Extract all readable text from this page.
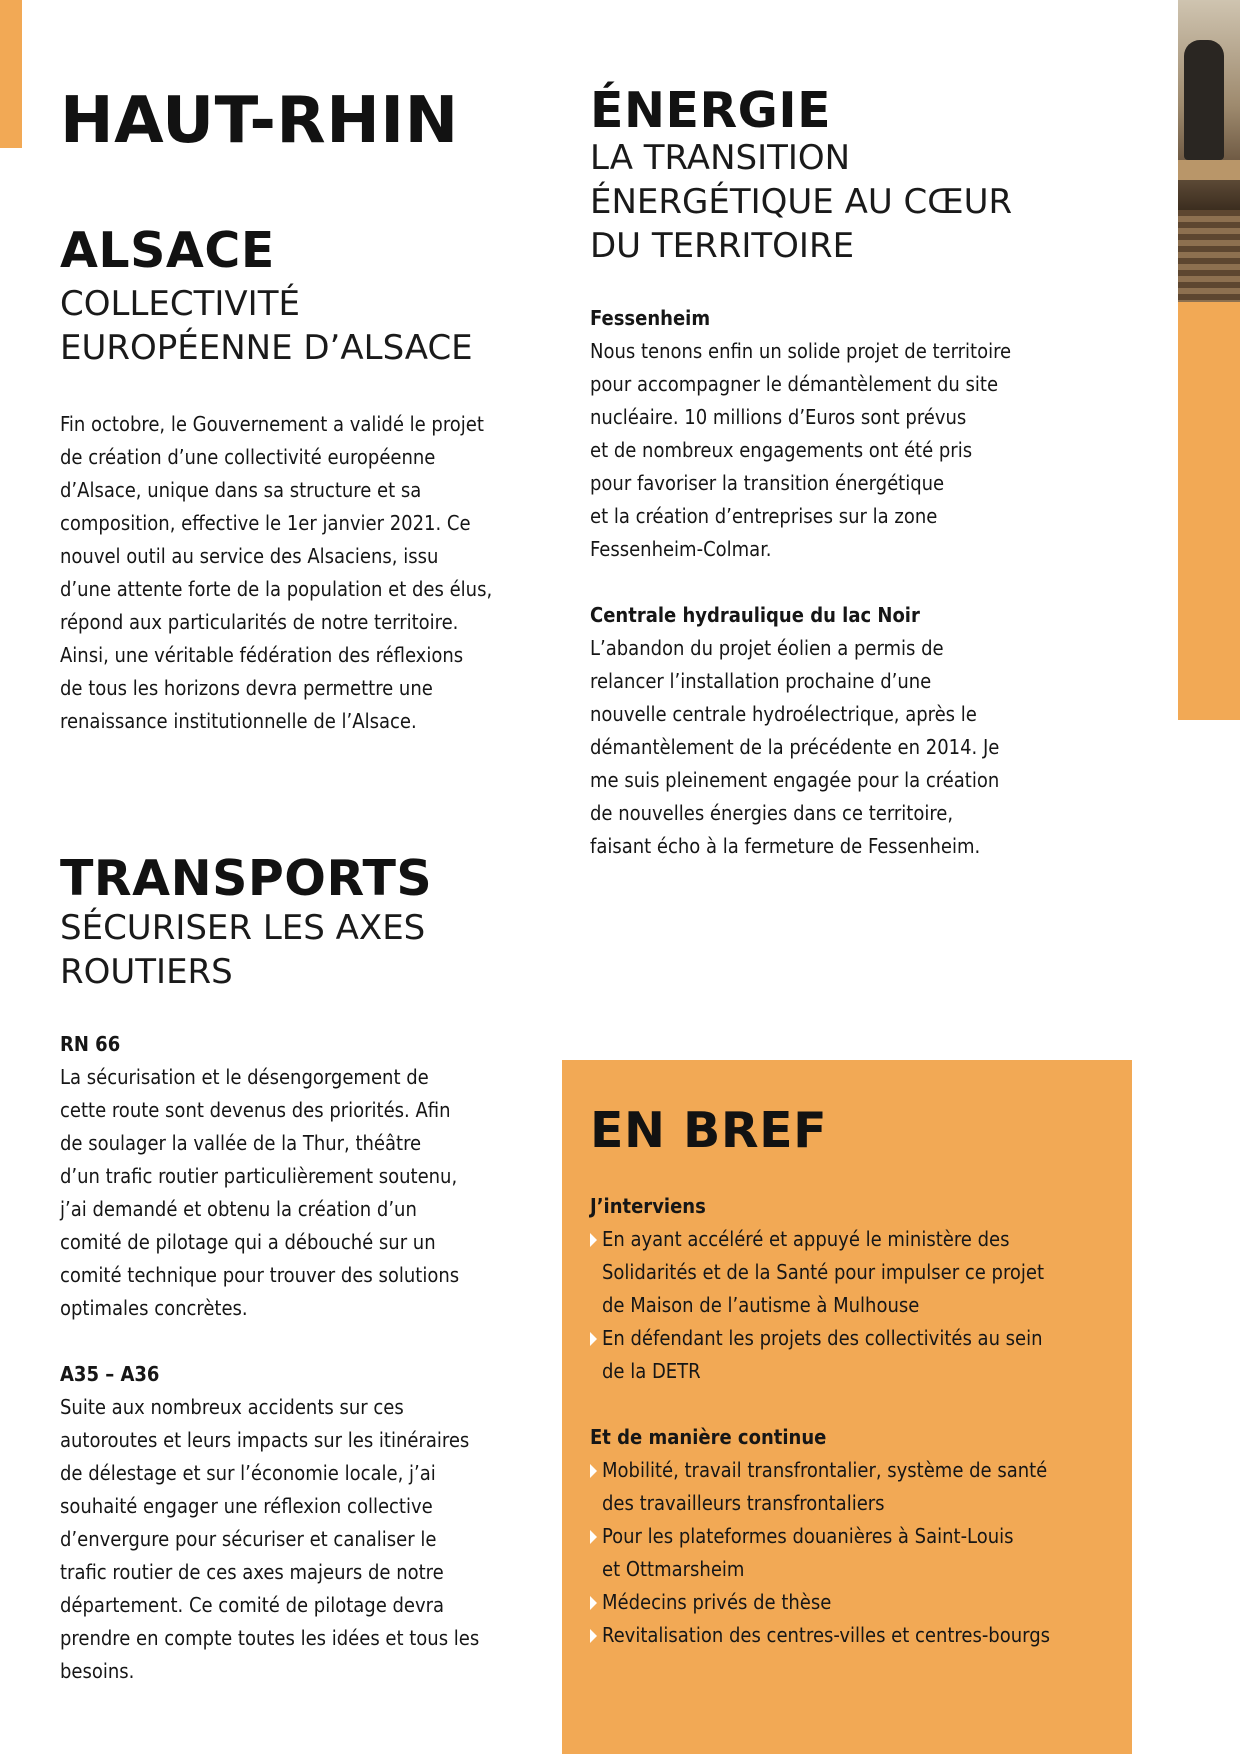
HAUT-RHIN
ALSACE
COLLECTIVITÉ
EUROPÉENNE D’ALSACE
Fin octobre, le Gouvernement a validé le projet
de création d’une collectivité européenne
d’Alsace, unique dans sa structure et sa
composition, effective le 1er janvier 2021. Ce
nouvel outil au service des Alsaciens, issu
d’une attente forte de la population et des élus,
répond aux particularités de notre territoire.
Ainsi, une véritable fédération des réflexions
de tous les horizons devra permettre une
renaissance institutionnelle de l’Alsace.
TRANSPORTS
SÉCURISER LES AXES
ROUTIERS
RN 66
La sécurisation et le désengorgement de
cette route sont devenus des priorités. Afin
de soulager la vallée de la Thur, théâtre
d’un trafic routier particulièrement soutenu,
j’ai demandé et obtenu la création d’un
comité de pilotage qui a débouché sur un
comité technique pour trouver des solutions
optimales concrètes.
A35 – A36
Suite aux nombreux accidents sur ces
autoroutes et leurs impacts sur les itinéraires
de délestage et sur l’économie locale, j’ai
souhaité engager une réflexion collective
d’envergure pour sécuriser et canaliser le
trafic routier de ces axes majeurs de notre
département. Ce comité de pilotage devra
prendre en compte toutes les idées et tous les
besoins.
ÉNERGIE
LA TRANSITION
ÉNERGÉTIQUE AU CŒUR
DU TERRITOIRE
Fessenheim
Nous tenons enfin un solide projet de territoire
pour accompagner le démantèlement du site
nucléaire. 10 millions d’Euros sont prévus
et de nombreux engagements ont été pris
pour favoriser la transition énergétique
et la création d’entreprises sur la zone
Fessenheim-Colmar.
Centrale hydraulique du lac Noir
L’abandon du projet éolien a permis de
relancer l’installation prochaine d’une
nouvelle centrale hydroélectrique, après le
démantèlement de la précédente en 2014. Je
me suis pleinement engagée pour la création
de nouvelles énergies dans ce territoire,
faisant écho à la fermeture de Fessenheim.
EN BREF
J’interviens
En ayant accéléré et appuyé le ministère des
Solidarités et de la Santé pour impulser ce projet
de Maison de l’autisme à Mulhouse
En défendant les projets des collectivités au sein
de la DETR
Et de manière continue
Mobilité, travail transfrontalier, système de santé
des travailleurs transfrontaliers
Pour les plateformes douanières à Saint-Louis
et Ottmarsheim
Médecins privés de thèse
Revitalisation des centres-villes et centres-bourgs
